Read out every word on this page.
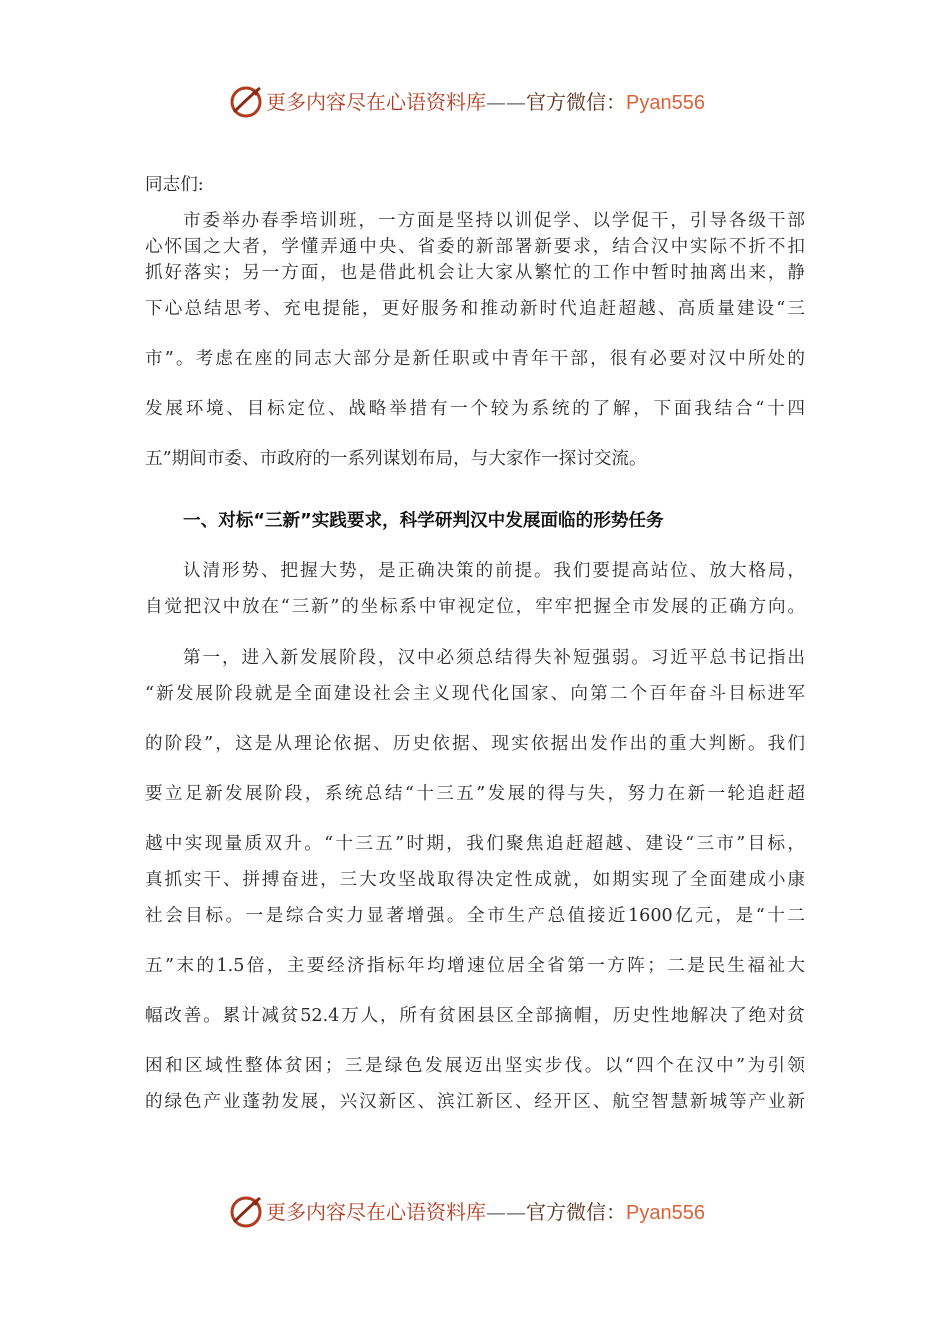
更多内容尽在心语资料库——官方微信：Pyan556
同志们:
市委举办春季培训班，一方面是坚持以训促学、以学促干，引导各级干部
心怀国之大者，学懂弄通中央、省委的新部署新要求，结合汉中实际不折不扣
抓好落实；另一方面，也是借此机会让大家从繁忙的工作中暂时抽离出来，静
下心总结思考、充电提能，更好服务和推动新时代追赶超越、高质量建设“三
市”。考虑在座的同志大部分是新任职或中青年干部，很有必要对汉中所处的
发展环境、目标定位、战略举措有一个较为系统的了解，下面我结合“十四
五”期间市委、市政府的一系列谋划布局，与大家作一探讨交流。
一、对标“三新”实践要求，科学研判汉中发展面临的形势任务
认清形势、把握大势，是正确决策的前提。我们要提高站位、放大格局，
自觉把汉中放在“三新”的坐标系中审视定位，牢牢把握全市发展的正确方向。
第一，进入新发展阶段，汉中必须总结得失补短强弱。习近平总书记指出
“新发展阶段就是全面建设社会主义现代化国家、向第二个百年奋斗目标进军
的阶段”，这是从理论依据、历史依据、现实依据出发作出的重大判断。我们
要立足新发展阶段，系统总结“十三五”发展的得与失，努力在新一轮追赶超
越中实现量质双升。“十三五”时期，我们聚焦追赶超越、建设“三市”目标，
真抓实干、拼搏奋进，三大攻坚战取得决定性成就，如期实现了全面建成小康
社会目标。一是综合实力显著增强。全市生产总值接近1600亿元，是“十二
五”末的1.5倍，主要经济指标年均增速位居全省第一方阵；二是民生福祉大
幅改善。累计减贫52.4万人，所有贫困县区全部摘帽，历史性地解决了绝对贫
困和区域性整体贫困；三是绿色发展迈出坚实步伐。以“四个在汉中”为引领
的绿色产业蓬勃发展，兴汉新区、滨江新区、经开区、航空智慧新城等产业新
更多内容尽在心语资料库——官方微信：Pyan556
